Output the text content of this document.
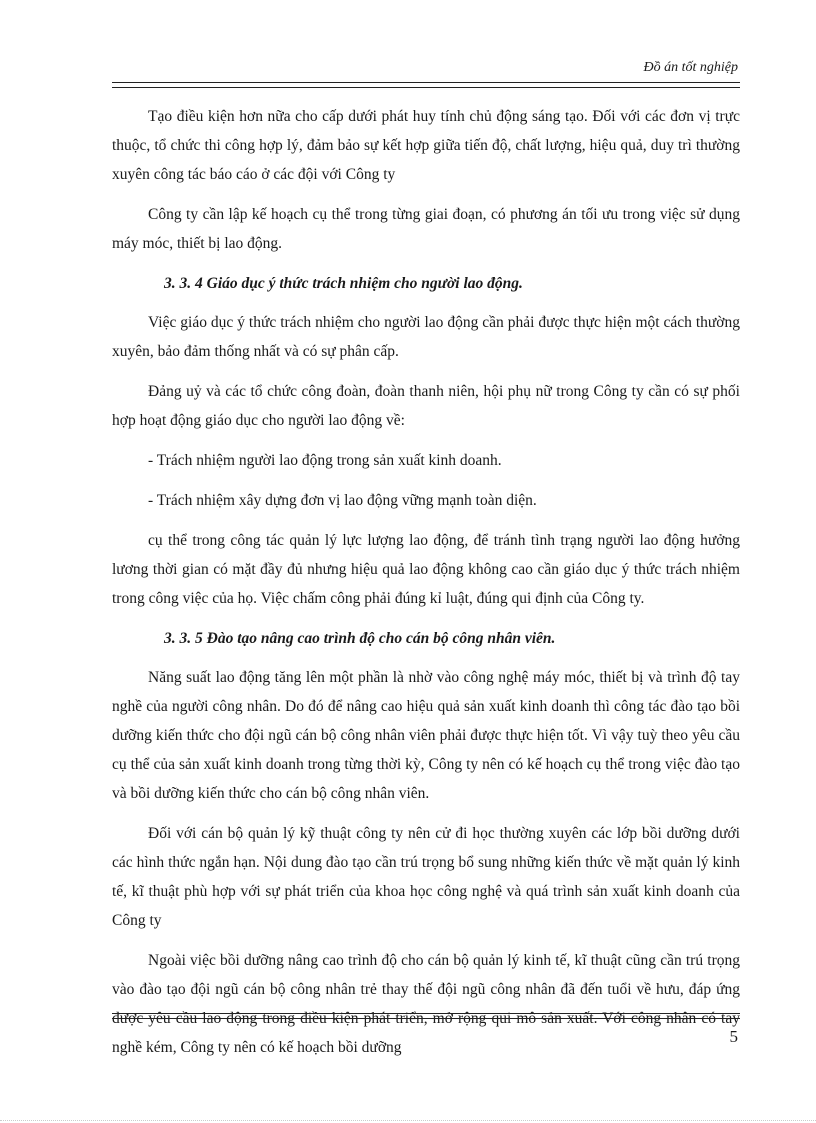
Đồ án tốt nghiệp

Tạo điều kiện hơn nữa cho cấp dưới phát huy tính chủ động sáng tạo. Đối với các đơn vị trực thuộc, tổ chức thi công hợp lý, đảm bảo sự kết hợp giữa tiến độ, chất lượng, hiệu quả, duy trì thường xuyên công tác báo cáo ở các đội với Công ty

Công ty cần lập kế hoạch cụ thể trong từng giai đoạn, có phương án tối ưu trong việc sử dụng máy móc, thiết bị lao động.

3. 3. 4 Giáo dục ý thức trách nhiệm cho người lao động.

Việc giáo dục ý thức trách nhiệm cho người lao động cần phải được thực hiện một cách thường xuyên, bảo đảm thống nhất và có sự phân cấp.

Đảng uỷ và các tổ chức công đoàn, đoàn thanh niên, hội phụ nữ trong Công ty cần có sự phối hợp hoạt động giáo dục cho người lao động về:

- Trách nhiệm người lao động trong sản xuất kinh doanh.

- Trách nhiệm xây dựng đơn vị lao động vững mạnh toàn diện.

cụ thể trong công tác quản lý lực lượng lao động, để tránh tình trạng người lao động hưởng lương thời gian có mặt đầy đủ nhưng hiệu quả lao động không cao cần giáo dục ý thức trách nhiệm trong công việc của họ. Việc chấm công phải đúng kỉ luật, đúng qui định của Công ty.

3. 3. 5 Đào tạo nâng cao trình độ cho cán bộ công nhân viên.

Năng suất lao động tăng lên một phần là nhờ vào công nghệ máy móc, thiết bị và trình độ tay nghề của người công nhân. Do đó để nâng cao hiệu quả sản xuất kinh doanh thì công tác đào tạo bồi dưỡng kiến thức cho đội ngũ cán bộ công nhân viên phải được thực hiện tốt. Vì vậy tuỳ theo yêu cầu cụ thể của sản xuất kinh doanh trong từng thời kỳ, Công ty nên có kế hoạch cụ thể trong việc đào tạo và bồi dưỡng kiến thức cho cán bộ công nhân viên.

Đối với cán bộ quản lý kỹ thuật công ty nên cử đi học thường xuyên các lớp bồi dưỡng dưới các hình thức ngắn hạn. Nội dung đào tạo cần trú trọng bổ sung những kiến thức về mặt quản lý kinh tế, kĩ thuật phù hợp với sự phát triển của khoa học công nghệ và quá trình sản xuất kinh doanh của Công ty

Ngoài việc bồi dưỡng nâng cao trình độ cho cán bộ quản lý kinh tế, kĩ thuật cũng cần trú trọng vào đào tạo đội ngũ cán bộ công nhân trẻ thay thế đội ngũ công nhân đã đến tuổi về hưu, đáp ứng được yêu cầu lao động trong điều kiện phát triển, mở rộng qui mô sản xuất. Với công nhân có tay nghề kém, Công ty nên có kế hoạch bồi dưỡng

5
